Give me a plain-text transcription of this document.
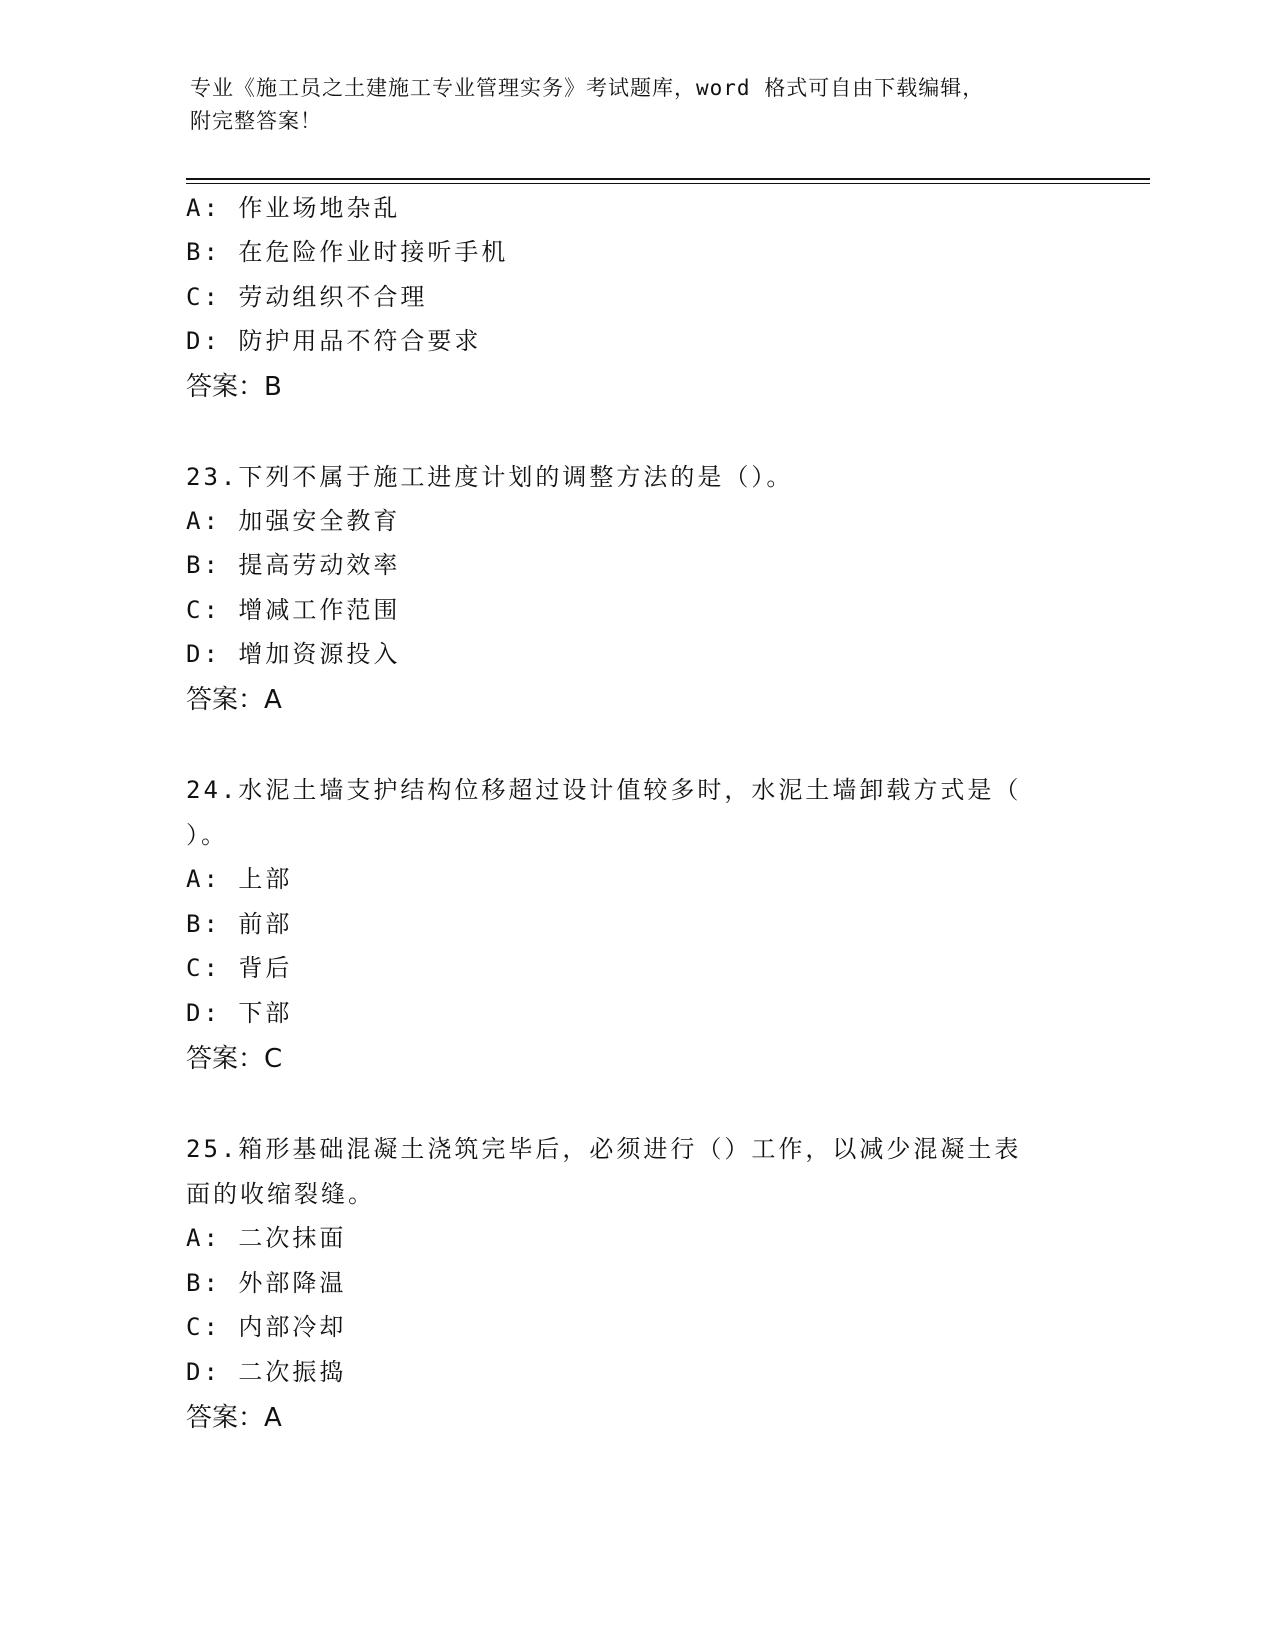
专业《施工员之土建施工专业管理实务》考试题库，word 格式可自由下载编辑，
附完整答案！
A: 作业场地杂乱
B: 在危险作业时接听手机
C: 劳动组织不合理
D: 防护用品不符合要求
答案：B
23.下列不属于施工进度计划的调整方法的是（）。
A: 加强安全教育
B: 提高劳动效率
C: 增减工作范围
D: 增加资源投入
答案：A
24.水泥土墙支护结构位移超过设计值较多时，水泥土墙卸载方式是（
）。
A: 上部
B: 前部
C: 背后
D: 下部
答案：C
25.箱形基础混凝土浇筑完毕后，必须进行（）工作，以减少混凝土表
面的收缩裂缝。
A: 二次抹面
B: 外部降温
C: 内部冷却
D: 二次振捣
答案：A
